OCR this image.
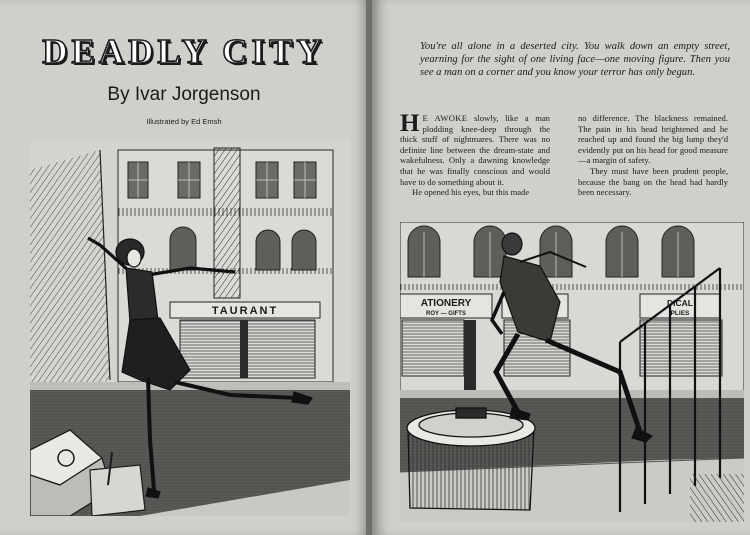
DEADLY CITY
By Ivar Jorgenson
Illustrated by Ed Emsh
TAURANT

You're all alone in a deserted city. You walk down an empty street, yearning for the sight of one living face—one moving figure. Then you see a man on a corner and you know your terror has only begun.

HE AWOKE slowly, like a man plodding knee-deep through the thick stuff of nightmares. There was no definite line between the dream-state and wakefulness. Only a dawning knowledge that he was finally conscious and would have to do something about it.

He opened his eyes, but this made

no difference. The blackness remained. The pain in his head brightened and he reached up and found the big lump they'd evidently put on his head for good measure—a margin of safety.

They must have been prudent people, because the bang on the head had hardly been necessary.

ATIONERY
ROY — GIFTS
DICAL
PLIES
